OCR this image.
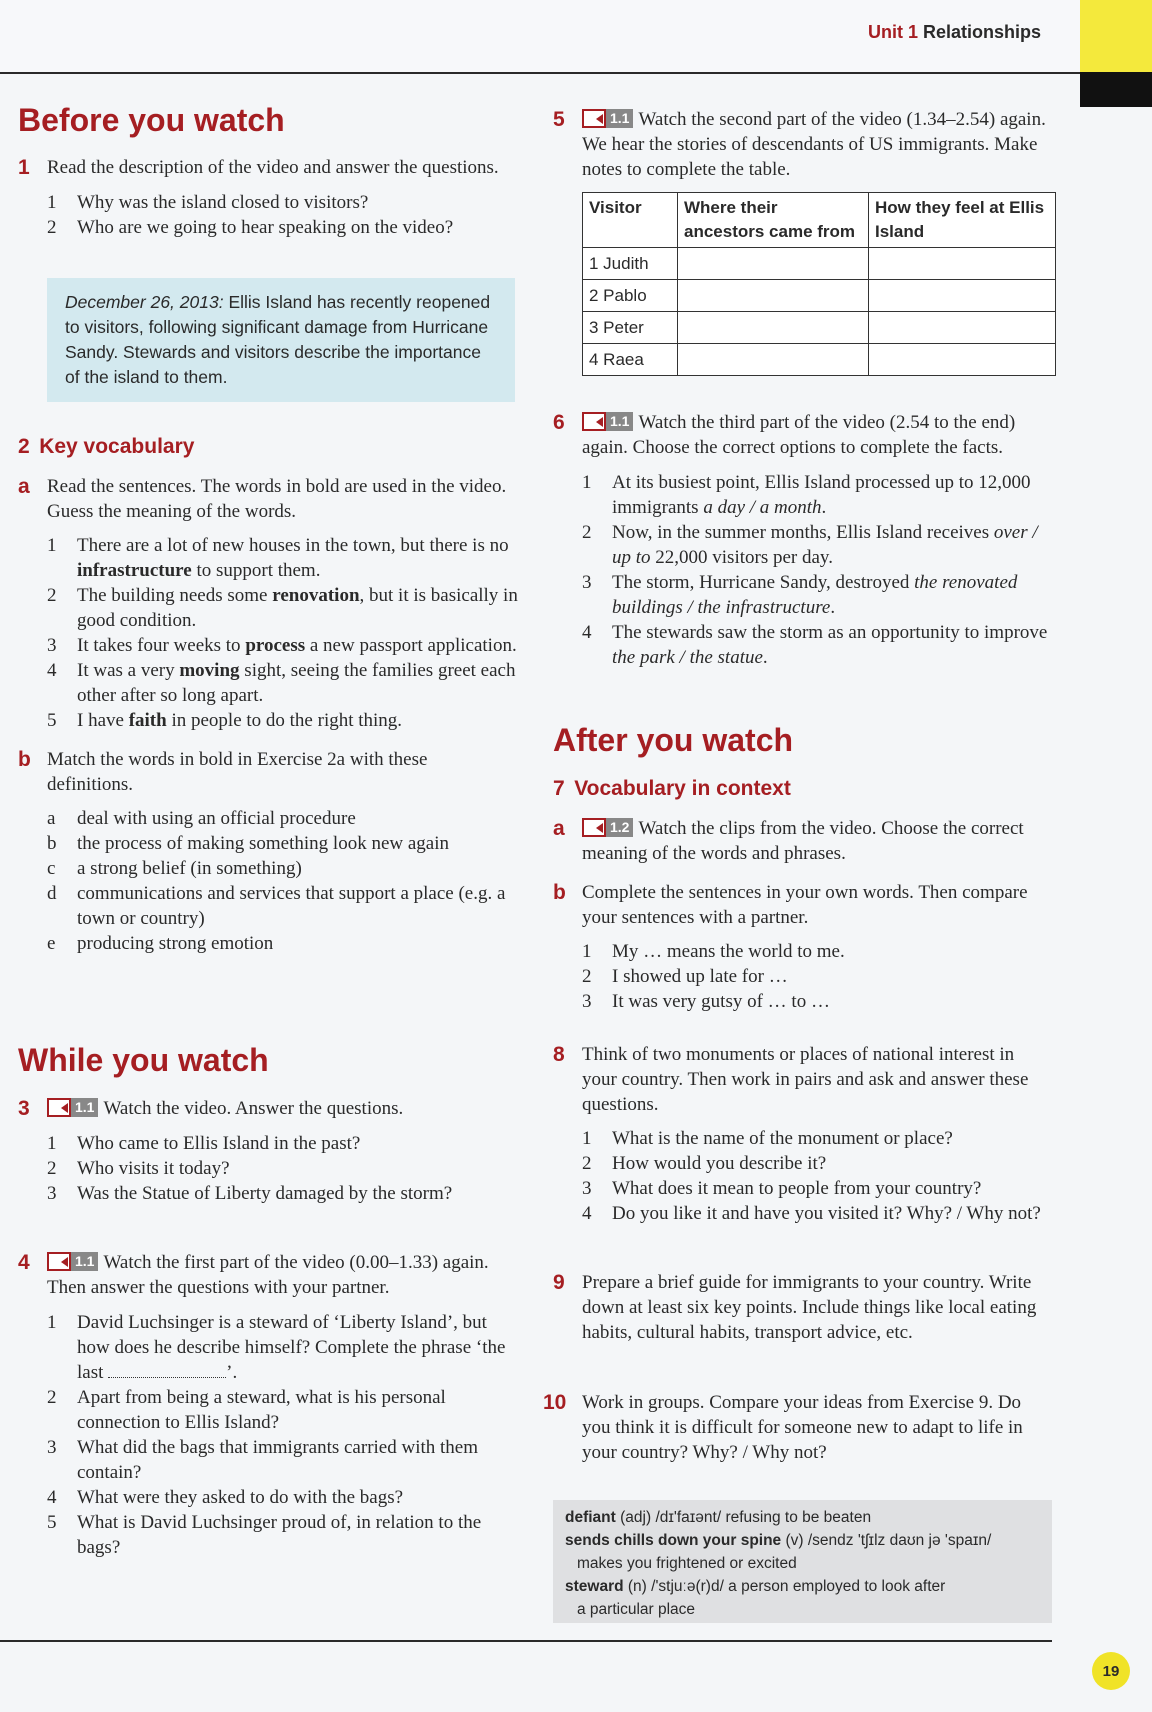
Unit 1 Relationships
Before you watch
1 Read the description of the video and answer the questions.
1 Why was the island closed to visitors?
2 Who are we going to hear speaking on the video?
December 26, 2013: Ellis Island has recently reopened to visitors, following significant damage from Hurricane Sandy. Stewards and visitors describe the importance of the island to them.
2 Key vocabulary
a Read the sentences. The words in bold are used in the video. Guess the meaning of the words.
1 There are a lot of new houses in the town, but there is no infrastructure to support them.
2 The building needs some renovation, but it is basically in good condition.
3 It takes four weeks to process a new passport application.
4 It was a very moving sight, seeing the families greet each other after so long apart.
5 I have faith in people to do the right thing.
b Match the words in bold in Exercise 2a with these definitions.
a deal with using an official procedure
b the process of making something look new again
c a strong belief (in something)
d communications and services that support a place (e.g. a town or country)
e producing strong emotion
While you watch
3	1.1 Watch the video. Answer the questions.
1 Who came to Ellis Island in the past?
2 Who visits it today?
3 Was the Statue of Liberty damaged by the storm?
4	1.1 Watch the first part of the video (0.00–1.33) again. Then answer the questions with your partner.
1 David Luchsinger is a steward of ‘Liberty Island’, but how does he describe himself? Complete the phrase ‘the last	’.
2 Apart from being a steward, what is his personal connection to Ellis Island?
3 What did the bags that immigrants carried with them contain?
4 What were they asked to do with the bags?
5 What is David Luchsinger proud of, in relation to the bags?
5	1.1 Watch the second part of the video (1.34–2.54) again. We hear the stories of descendants of US immigrants. Make notes to complete the table.
Visitor	Where their ancestors came from	How they feel at Ellis Island
1 Judith		
2 Pablo		
3 Peter		
4 Raea		
6	1.1 Watch the third part of the video (2.54 to the end) again. Choose the correct options to complete the facts.
1 At its busiest point, Ellis Island processed up to 12,000 immigrants a day / a month.
2 Now, in the summer months, Ellis Island receives over / up to 22,000 visitors per day.
3 The storm, Hurricane Sandy, destroyed the renovated buildings / the infrastructure.
4 The stewards saw the storm as an opportunity to improve the park / the statue.
After you watch
7 Vocabulary in context
a	1.2 Watch the clips from the video. Choose the correct meaning of the words and phrases.
b Complete the sentences in your own words. Then compare your sentences with a partner.
1 My … means the world to me.
2 I showed up late for …
3 It was very gutsy of … to …
8 Think of two monuments or places of national interest in your country. Then work in pairs and ask and answer these questions.
1 What is the name of the monument or place?
2 How would you describe it?
3 What does it mean to people from your country?
4 Do you like it and have you visited it? Why? / Why not?
9 Prepare a brief guide for immigrants to your country. Write down at least six key points. Include things like local eating habits, cultural habits, transport advice, etc.
10 Work in groups. Compare your ideas from Exercise 9. Do you think it is difficult for someone new to adapt to life in your country? Why? / Why not?
defiant (adj) /dɪ'faɪənt/ refusing to be beaten
sends chills down your spine (v) /sendz 'tʃɪlz daʊn jə 'spaɪn/
makes you frightened or excited
steward (n) /'stjuːə(r)d/ a person employed to look after
a particular place
19
